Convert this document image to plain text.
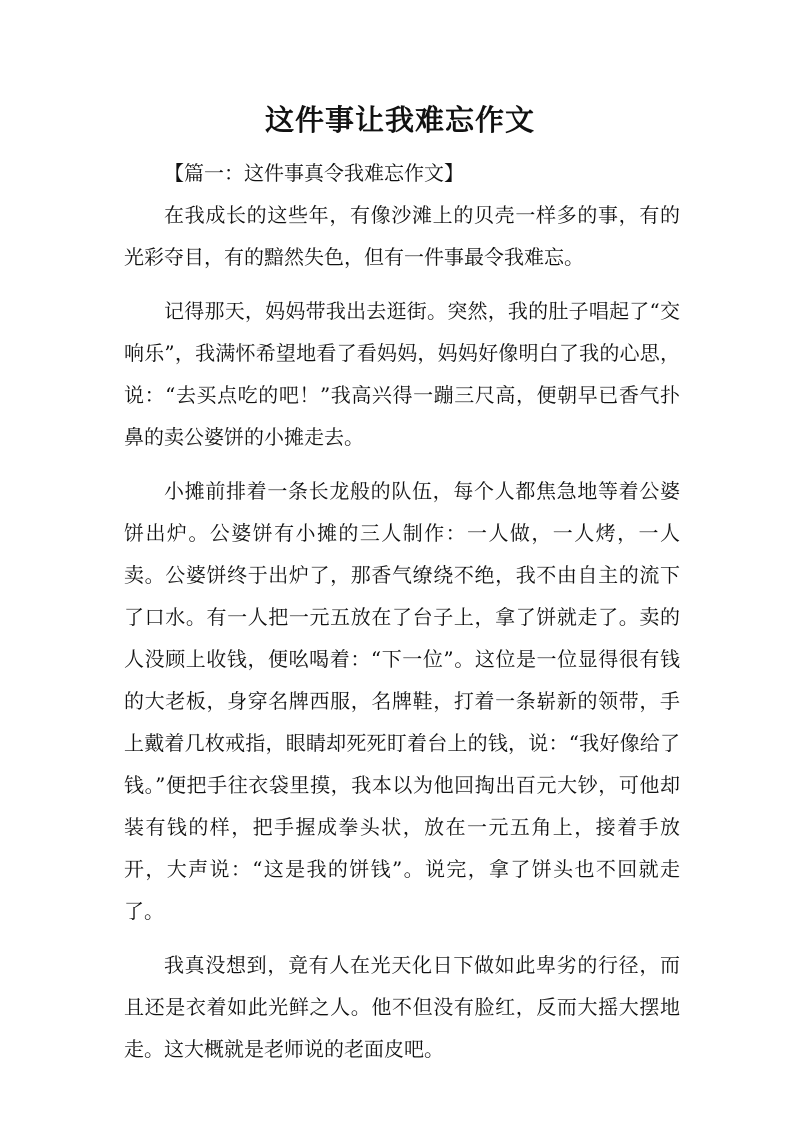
这件事让我难忘作文

【篇一：这件事真令我难忘作文】

在我成长的这些年，有像沙滩上的贝壳一样多的事，有的光彩夺目，有的黯然失色，但有一件事最令我难忘。

记得那天，妈妈带我出去逛街。突然，我的肚子唱起了“交响乐”，我满怀希望地看了看妈妈，妈妈好像明白了我的心思，说：“去买点吃的吧！”我高兴得一蹦三尺高，便朝早已香气扑鼻的卖公婆饼的小摊走去。

小摊前排着一条长龙般的队伍，每个人都焦急地等着公婆饼出炉。公婆饼有小摊的三人制作：一人做，一人烤，一人卖。公婆饼终于出炉了，那香气缭绕不绝，我不由自主的流下了口水。有一人把一元五放在了台子上，拿了饼就走了。卖的人没顾上收钱，便吆喝着：“下一位”。这位是一位显得很有钱的大老板，身穿名牌西服，名牌鞋，打着一条崭新的领带，手上戴着几枚戒指，眼睛却死死盯着台上的钱，说：“我好像给了钱。”便把手往衣袋里摸，我本以为他回掏出百元大钞，可他却装有钱的样，把手握成拳头状，放在一元五角上，接着手放开，大声说：“这是我的饼钱”。说完，拿了饼头也不回就走了。

我真没想到，竟有人在光天化日下做如此卑劣的行径，而且还是衣着如此光鲜之人。他不但没有脸红，反而大摇大摆地走。这大概就是老师说的老面皮吧。
